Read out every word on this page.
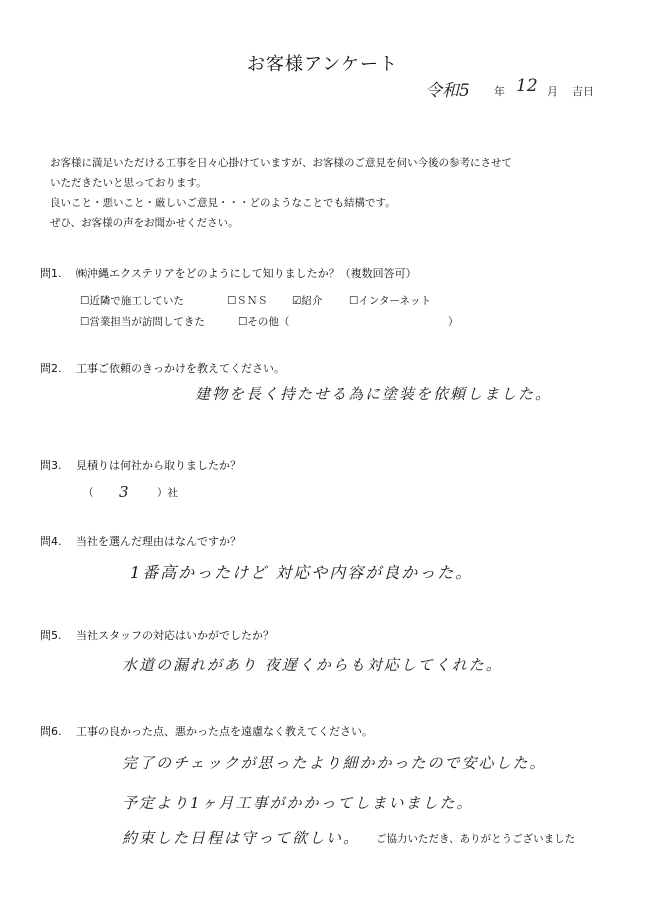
お客様アンケート
令和5 年 12 月 吉日
お客様に満足いただける工事を日々心掛けていますが、お客様のご意見を伺い今後の参考にさせて
いただきたいと思っております。
良いこと・悪いこと・厳しいご意見・・・どのようなことでも結構です。
ぜひ、お客様の声をお聞かせください。
問1. ㈱沖縄エクステリアをどのようにして知りましたか？（複数回答可）
☐近隣で施工していた	☐ＳＮＳ ☑紹介	☐インターネット
☐営業担当が訪問してきた	☐その他（	）
問2. 工事ご依頼のきっかけを教えてください。
建物を長く持たせる為に塗装を依頼しました。
問3. 見積りは何社から取りましたか？
（ 3	）社
問4. 当社を選んだ理由はなんですか？
1番高かったけど 対応や内容が良かった。
問5. 当社スタッフの対応はいかがでしたか？
水道の漏れがあり 夜遅くからも対応してくれた。
問6. 工事の良かった点、悪かった点を遠慮なく教えてください。
完了のチェックが思ったより細かかったので安心した。
予定より1ヶ月工事がかかってしまいました。
約束した日程は守って欲しい。 ご協力いただき、ありがとうございました
